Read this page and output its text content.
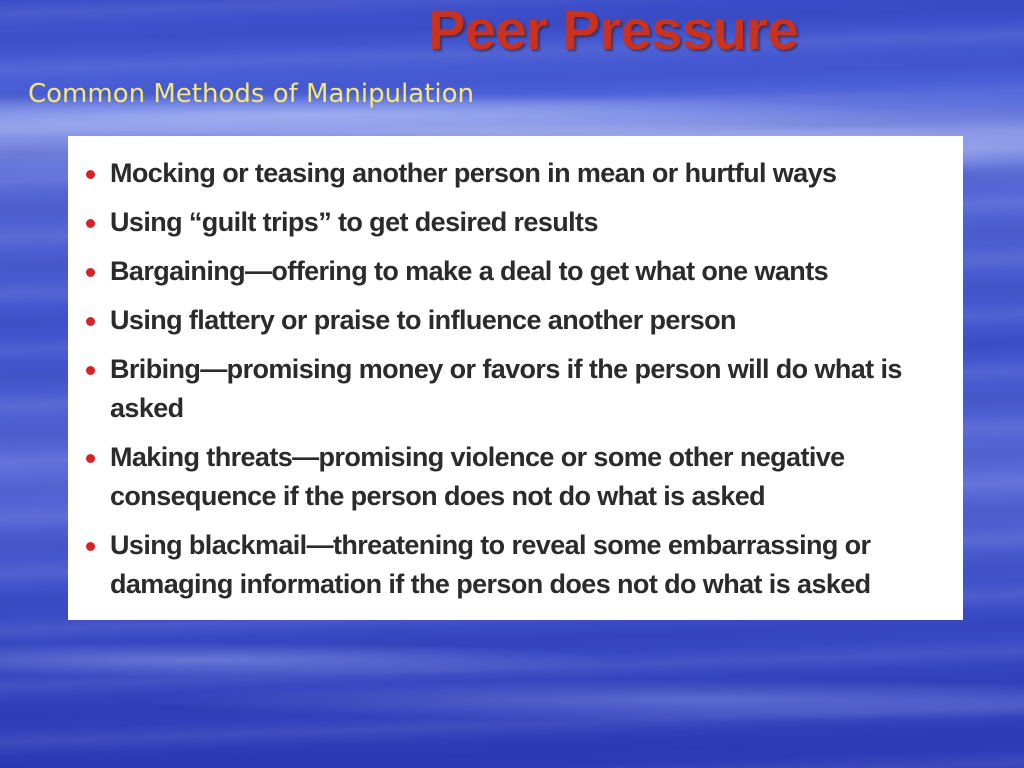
Peer Pressure
Common Methods of Manipulation
Mocking or teasing another person in mean or hurtful ways
Using “guilt trips” to get desired results
Bargaining—offering to make a deal to get what one wants
Using flattery or praise to influence another person
Bribing—promising money or favors if the person will do what is asked
Making threats—promising violence or some other negative consequence if the person does not do what is asked
Using blackmail—threatening to reveal some embarrassing or damaging information if the person does not do what is asked
